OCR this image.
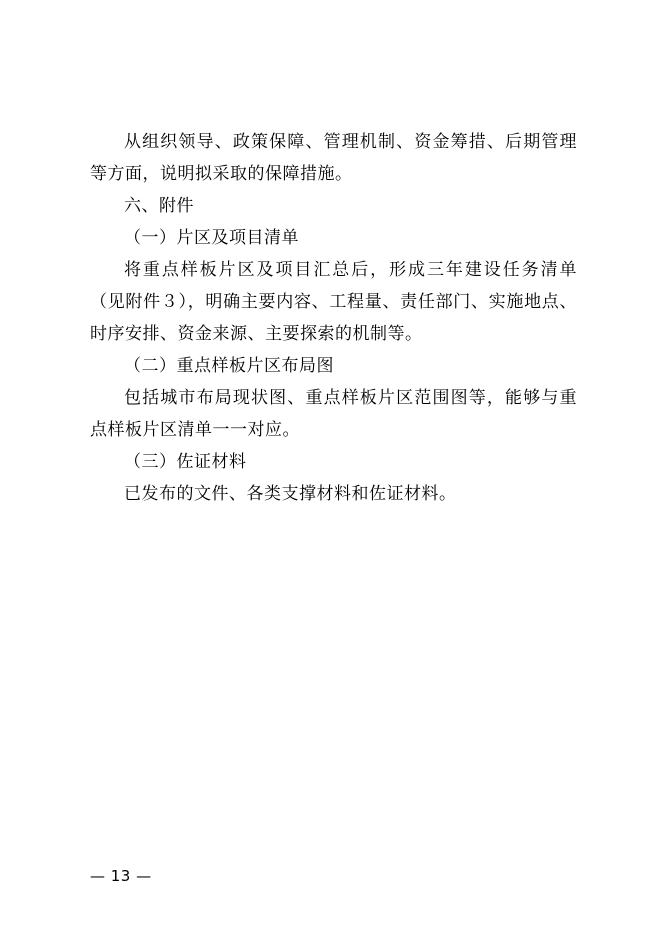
从组织领导、政策保障、管理机制、资金筹措、后期管理等方面，说明拟采取的保障措施。

六、附件

（一）片区及项目清单

将重点样板片区及项目汇总后，形成三年建设任务清单（见附件３），明确主要内容、工程量、责任部门、实施地点、时序安排、资金来源、主要探索的机制等。

（二）重点样板片区布局图

包括城市布局现状图、重点样板片区范围图等，能够与重点样板片区清单一一对应。

（三）佐证材料

已发布的文件、各类支撑材料和佐证材料。

— 13 —
